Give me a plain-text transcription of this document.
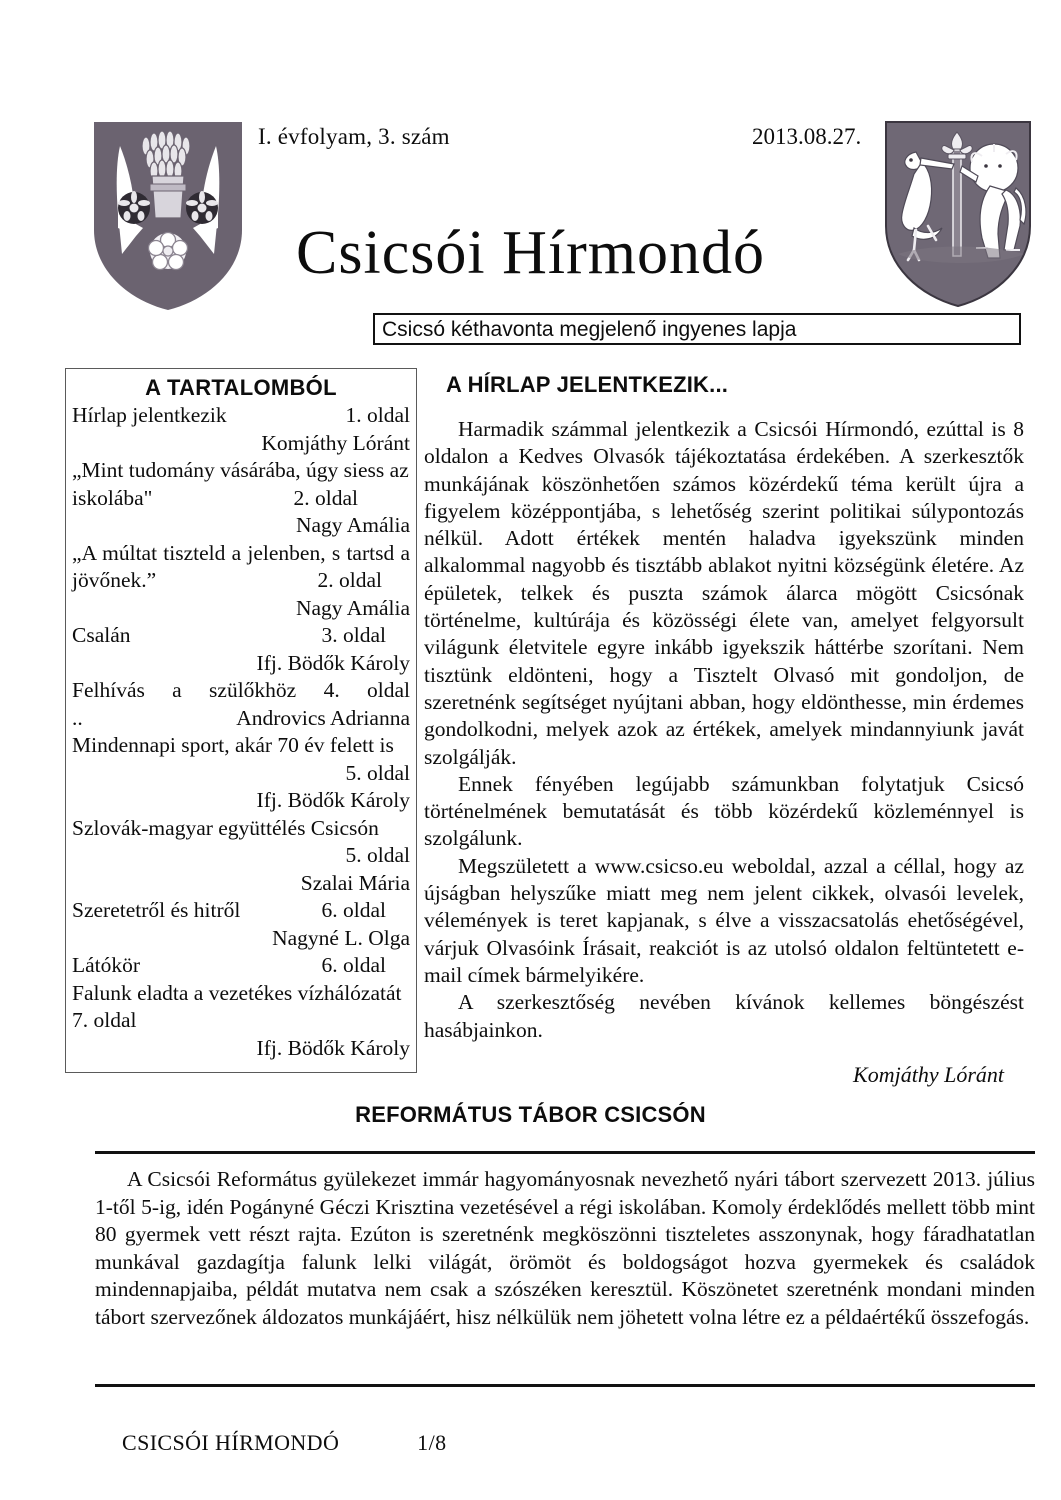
I. évfolyam, 3. szám	2013.08.27.
Csicsói Hírmondó
Csicsó kéthavonta megjelenő ingyenes lapja
A TARTALOMBÓL
Hírlap jelentkezik	1. oldal
Komjáthy Lóránt
„Mint tudomány vásárába, úgy siess az
iskolába"	2. oldal
Nagy Amália
„A múltat tiszteld a jelenben, s tartsd a
jövőnek.”	2. oldal
Nagy Amália
Csalán	3. oldal
Ifj. Bödők Károly
Felhívás a szülőkhöz 4. oldal
..	Androvics Adrianna
Mindennapi sport, akár 70 év felett is
5. oldal
Ifj. Bödők Károly
Szlovák-magyar együttélés Csicsón
5. oldal
Szalai Mária
Szeretetről és hitről	6. oldal
Nagyné L. Olga
Látókör	6. oldal
Falunk eladta a vezetékes vízhálózatát
7. oldal
Ifj. Bödők Károly
A HÍRLAP JELENTKEZIK...

Harmadik számmal jelentkezik a Csicsói Hírmondó, ezúttal is 8 oldalon a Kedves Olvasók tájékoztatása érdekében. A szerkesztők munkájának köszönhetően számos közérdekű téma került újra a figyelem középpontjába, s lehetőség szerint politikai súlypontozás nélkül. Adott értékek mentén haladva igyekszünk minden alkalommal nagyobb és tisztább ablakot nyitni községünk életére. Az épületek, telkek és puszta számok álarca mögött Csicsónak történelme, kultúrája és közösségi élete van, amelyet felgyorsult világunk életvitele egyre inkább igyekszik háttérbe szorítani. Nem tisztünk eldönteni, hogy a Tisztelt Olvasó mit gondoljon, de szeretnénk segítséget nyújtani abban, hogy eldönthesse, min érdemes gondolkodni, melyek azok az értékek, amelyek mindannyiunk javát szolgálják.

Ennek fényében legújabb számunkban folytatjuk Csicsó történelmének bemutatását és több közérdekű közleménnyel is szolgálunk.

Megszületett a www.csicso.eu weboldal, azzal a céllal, hogy az újságban helyszűke miatt meg nem jelent cikkek, olvasói levelek, vélemények is teret kapjanak, s élve a visszacsatolás ehetőségével, várjuk Olvasóink Írásait, reakciót is az utolsó oldalon feltüntetett e-mail címek bármelyikére.

A szerkesztőség nevében kívánok kellemes böngészést hasábjainkon.

Komjáthy Lóránt
REFORMÁTUS TÁBOR CSICSÓN
A Csicsói Református gyülekezet immár hagyományosnak nevezhető nyári tábort szervezett 2013. július 1-től 5-ig, idén Pogányné Géczi Krisztina vezetésével a régi iskolában. Komoly érdeklődés mellett több mint 80 gyermek vett részt rajta. Ezúton is szeretnénk megköszönni tiszteletes asszonynak, hogy fáradhatatlan munkával gazdagítja falunk lelki világát, örömöt és boldogságot hozva gyermekek és családok mindennapjaiba, példát mutatva nem csak a szószéken keresztül. Köszönetet szeretnénk mondani minden tábort szervezőnek áldozatos munkájáért, hisz nélkülük nem jöhetett volna létre ez a példaértékű összefogás.
CSICSÓI HÍRMONDÓ	1/8
